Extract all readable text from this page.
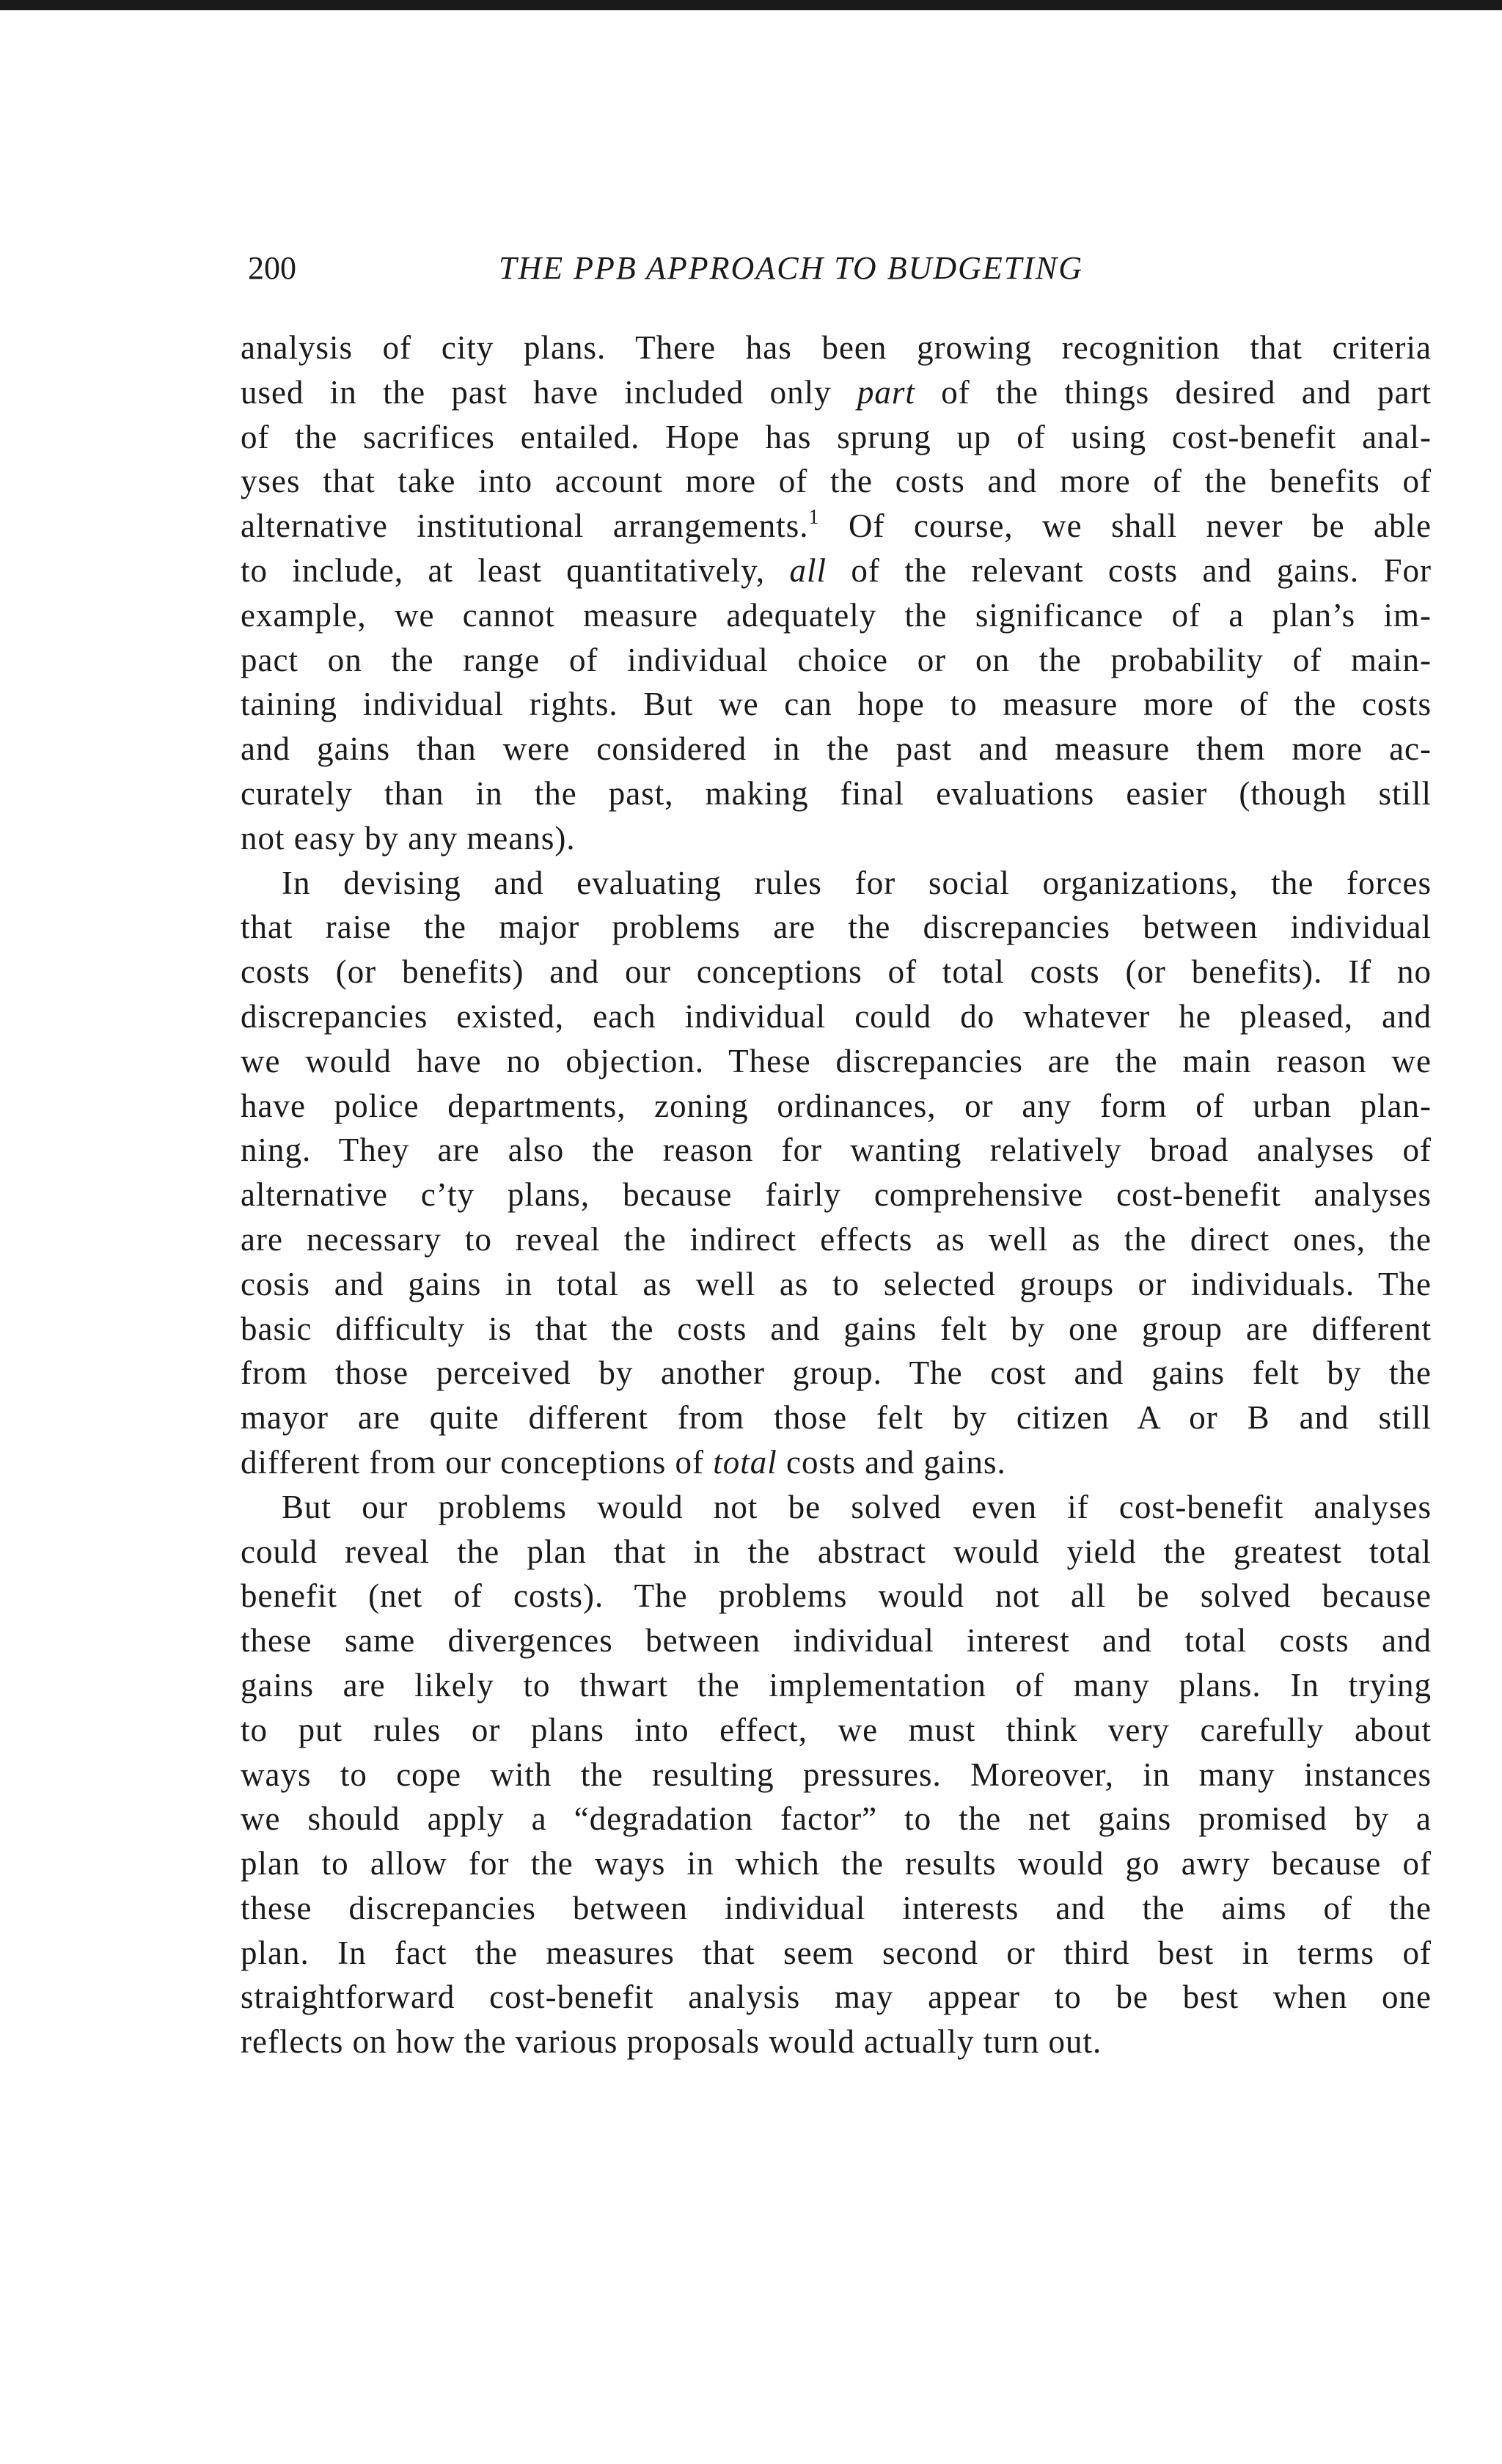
200	THE PPB APPROACH TO BUDGETING
analysis of city plans. There has been growing recognition that criteria
used in the past have included only part of the things desired and part
of the sacrifices entailed. Hope has sprung up of using cost-benefit anal-
yses that take into account more of the costs and more of the benefits of
alternative institutional arrangements.$^1$ Of course, we shall never be able
to include, at least quantitatively, all of the relevant costs and gains. For
example, we cannot measure adequately the significance of a plan’s im-
pact on the range of individual choice or on the probability of main-
taining individual rights. But we can hope to measure more of the costs
and gains than were considered in the past and measure them more ac-
curately than in the past, making final evaluations easier (though still
not easy by any means).
In devising and evaluating rules for social organizations, the forces
that raise the major problems are the discrepancies between individual
costs (or benefits) and our conceptions of total costs (or benefits). If no
discrepancies existed, each individual could do whatever he pleased, and
we would have no objection. These discrepancies are the main reason we
have police departments, zoning ordinances, or any form of urban plan-
ning. They are also the reason for wanting relatively broad analyses of
alternative c’ty plans, because fairly comprehensive cost-benefit analyses
are necessary to reveal the indirect effects as well as the direct ones, the
cosis and gains in total as well as to selected groups or individuals. The
basic difficulty is that the costs and gains felt by one group are different
from those perceived by another group. The cost and gains felt by the
mayor are quite different from those felt by citizen A or B and still
different from our conceptions of total costs and gains.
But our problems would not be solved even if cost-benefit analyses
could reveal the plan that in the abstract would yield the greatest total
benefit (net of costs). The problems would not all be solved because
these same divergences between individual interest and total costs and
gains are likely to thwart the implementation of many plans. In trying
to put rules or plans into effect, we must think very carefully about
ways to cope with the resulting pressures. Moreover, in many instances
we should apply a “degradation factor” to the net gains promised by a
plan to allow for the ways in which the results would go awry because of
these discrepancies between individual interests and the aims of the
plan. In fact the measures that seem second or third best in terms of
straightforward cost-benefit analysis may appear to be best when one
reflects on how the various proposals would actually turn out.
